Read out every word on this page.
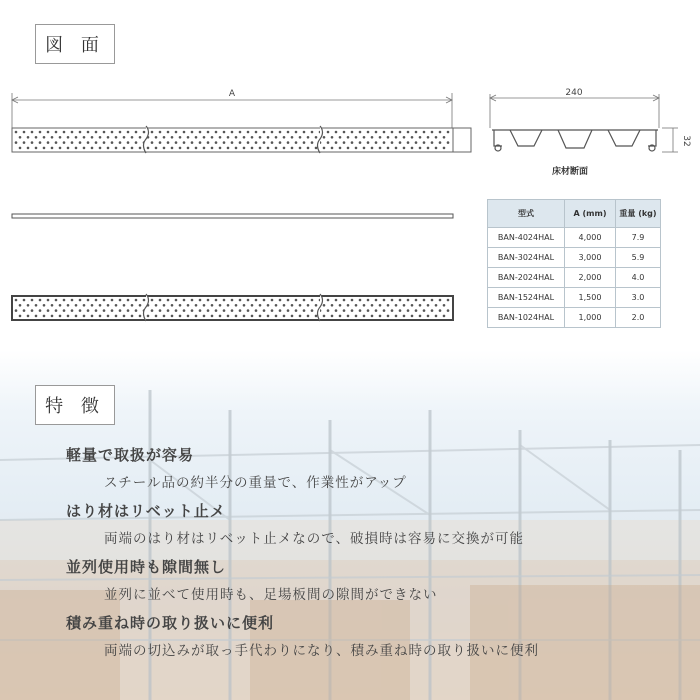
図 面
A	240
32
床材断面
型式	A (mm)	重量 (kg)
BAN-4024HAL	4,000	7.9
BAN-3024HAL	3,000	5.9
BAN-2024HAL	2,000	4.0
BAN-1524HAL	1,500	3.0
BAN-1024HAL	1,000	2.0
特 徴
軽量で取扱が容易
スチール品の約半分の重量で、作業性がアップ
はり材はリベット止メ
両端のはり材はリベット止メなので、破損時は容易に交換が可能
並列使用時も隙間無し
並列に並べて使用時も、足場板間の隙間ができない
積み重ね時の取り扱いに便利
両端の切込みが取っ手代わりになり、積み重ね時の取り扱いに便利
